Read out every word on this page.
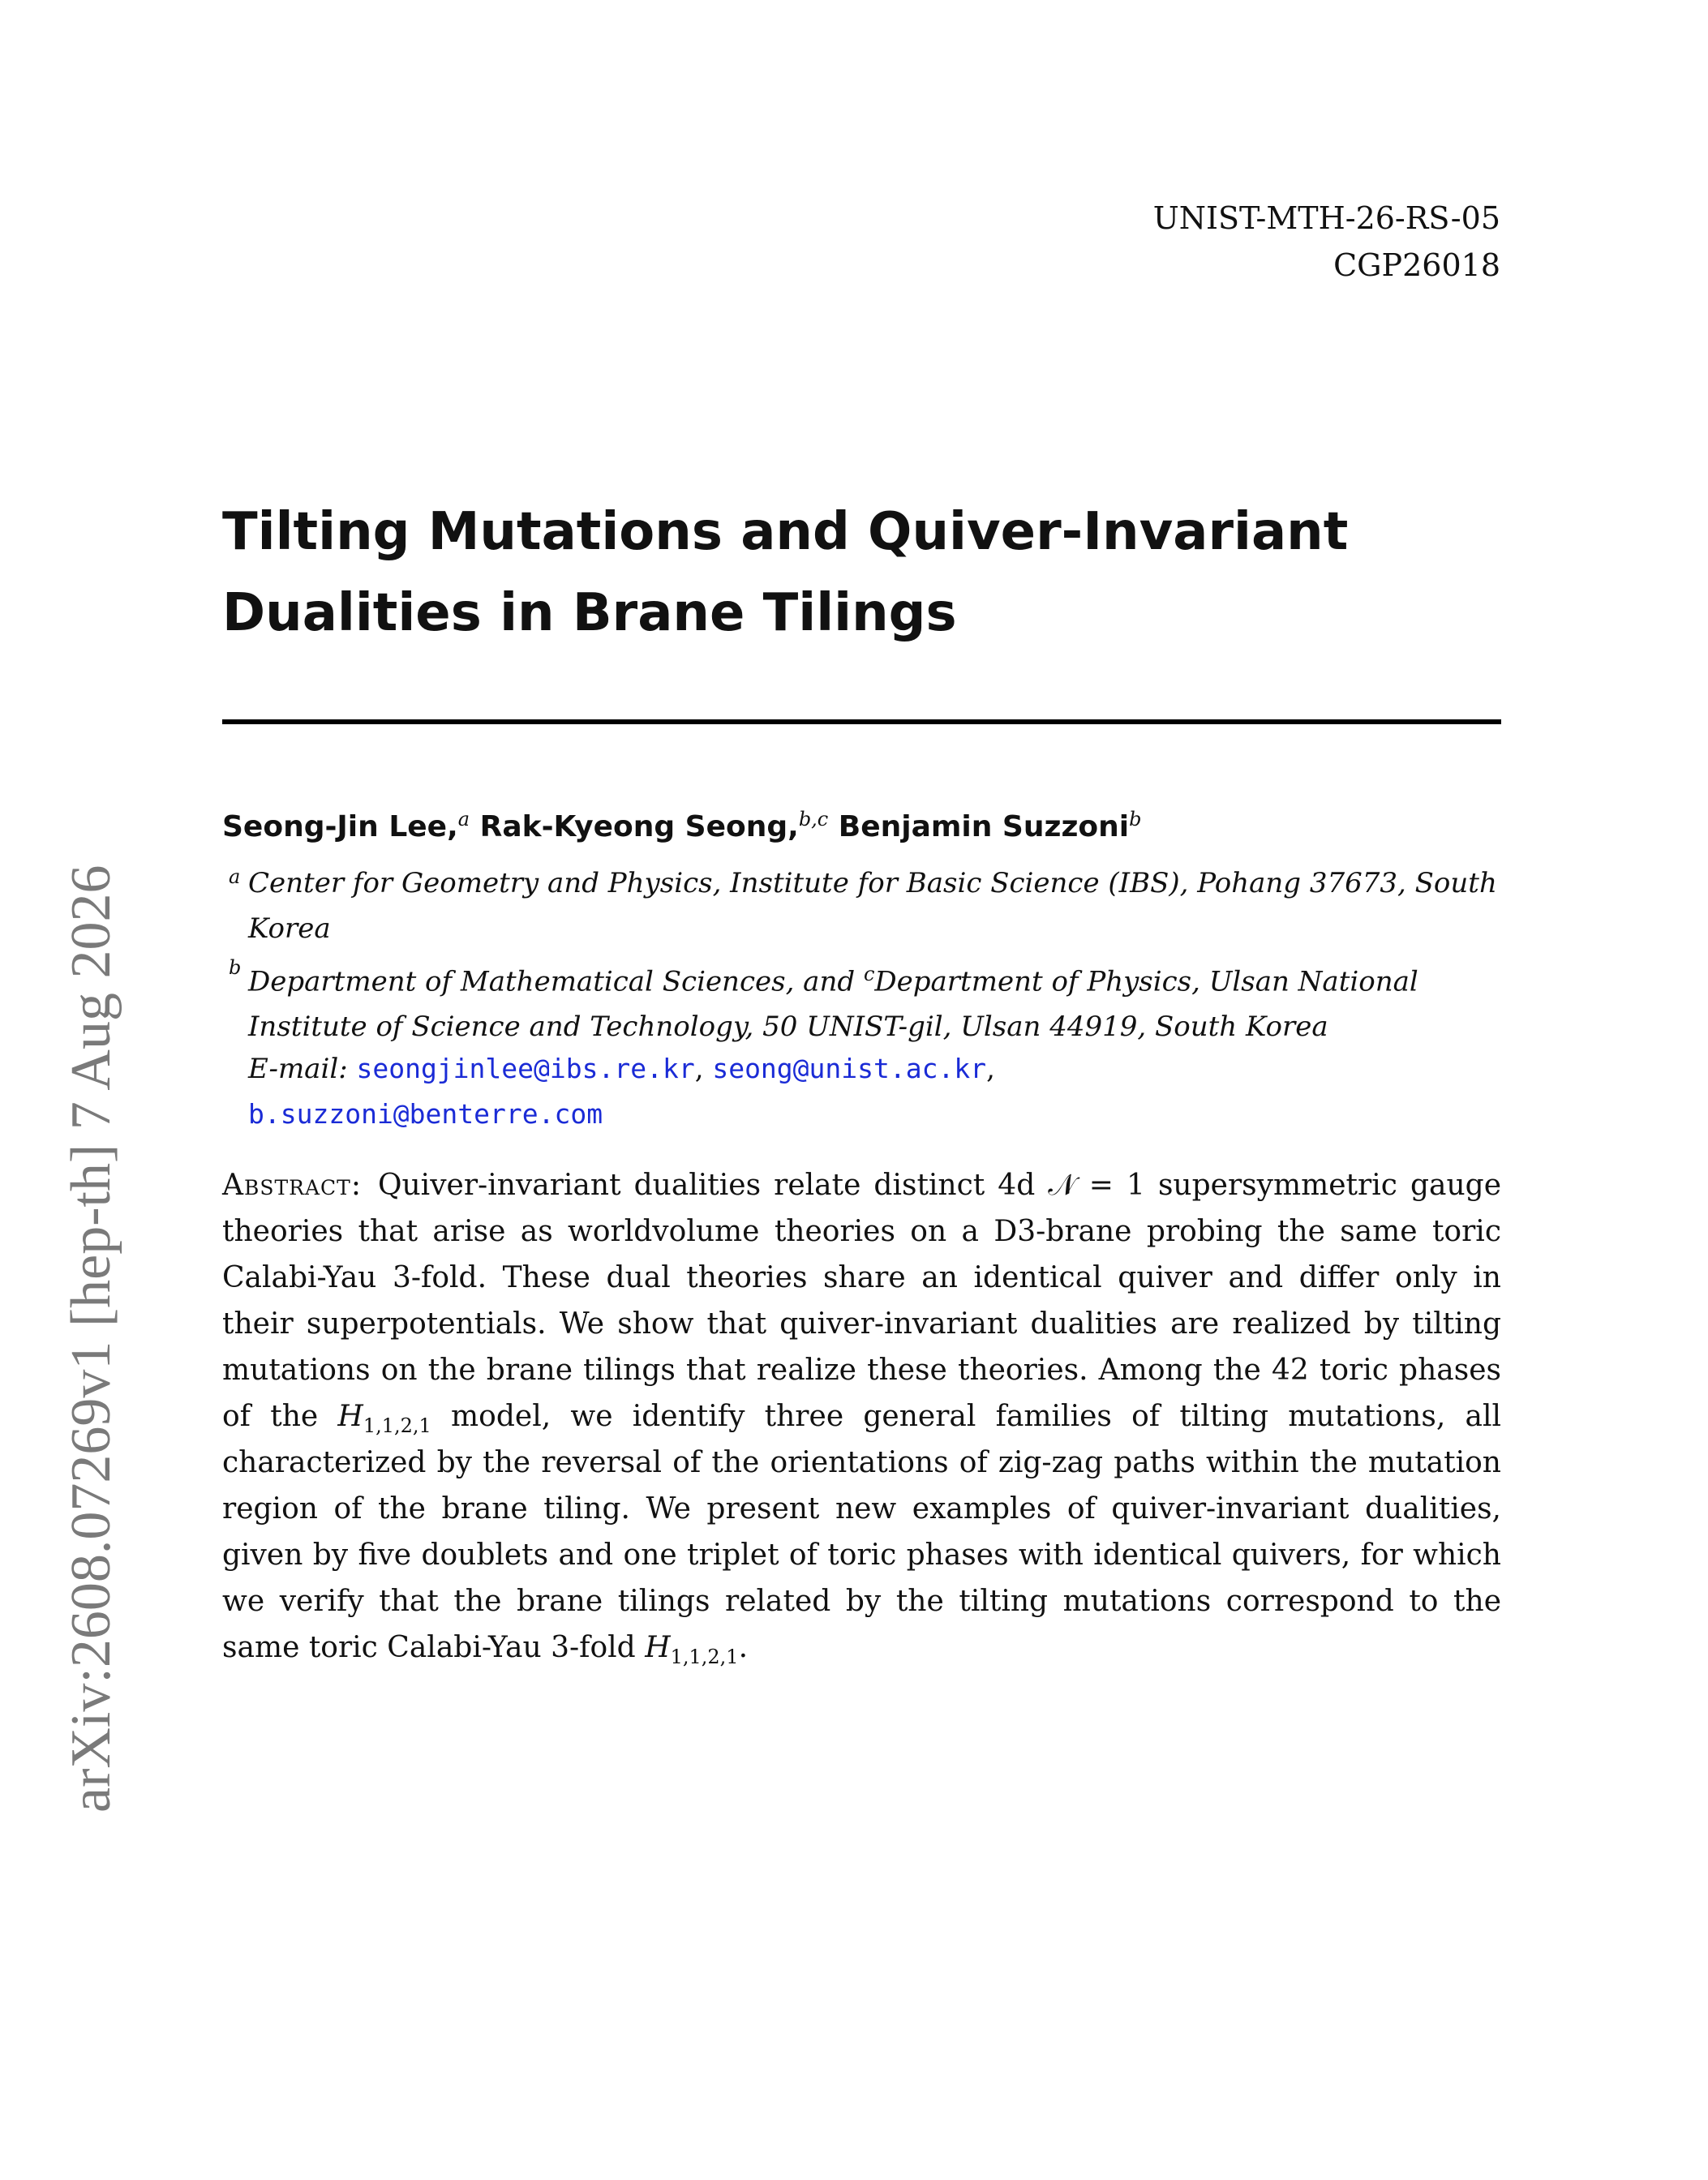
UNIST-MTH-26-RS-05
CGP26018
Tilting Mutations and Quiver-Invariant
Dualities in Brane Tilings
Seong-Jin Lee,$^a$ Rak-Kyeong Seong,$^{b,c}$ Benjamin Suzzoni$^b$
a Center for Geometry and Physics, Institute for Basic Science (IBS), Pohang 37673, South Korea
b Department of Mathematical Sciences, and $^c$Department of Physics, Ulsan National Institute of Science and Technology, 50 UNIST-gil, Ulsan 44919, South Korea
E-mail: seongjinlee@ibs.re.kr, seong@unist.ac.kr,
b.suzzoni@benterre.com

Abstract: Quiver-invariant dualities relate distinct 4d 𝒩 = 1 supersymmetric gauge theories that arise as worldvolume theories on a D3-brane probing the same toric Calabi-Yau 3-fold. These dual theories share an identical quiver and differ only in their superpotentials. We show that quiver-invariant dualities are realized by tilting mutations on the brane tilings that realize these theories. Among the 42 toric phases of the $H_{1,1,2,1}$ model, we identify three general families of tilting mutations, all characterized by the reversal of the orientations of zig-zag paths within the mutation region of the brane tiling. We present new examples of quiver-invariant dualities, given by five doublets and one triplet of toric phases with identical quivers, for which we verify that the brane tilings related by the tilting mutations correspond to the same toric Calabi-Yau 3-fold $H_{1,1,2,1}$.

arXiv:2608.07269v1 [hep-th] 7 Aug 2026
